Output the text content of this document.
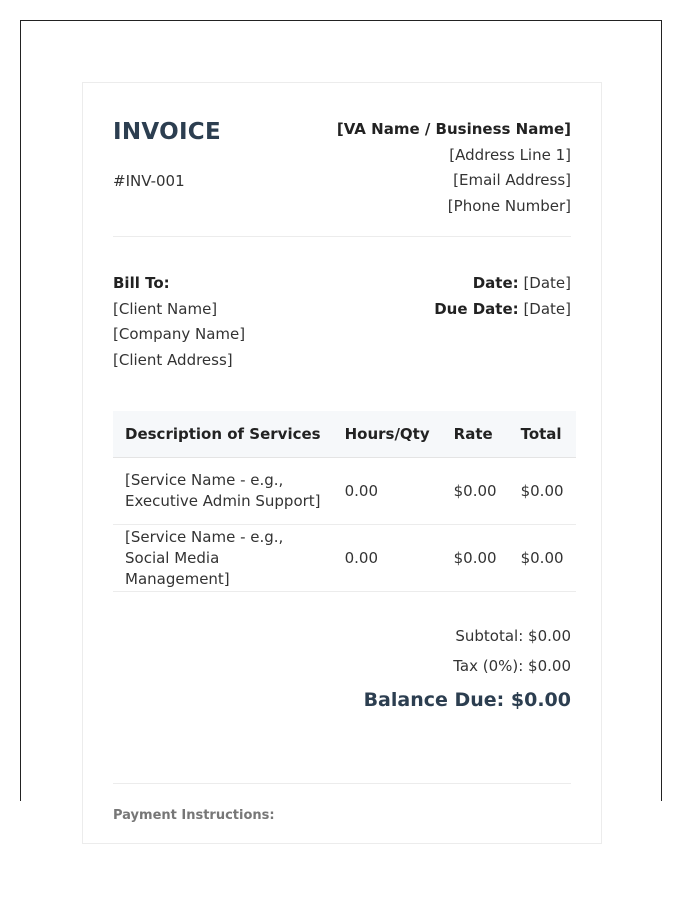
INVOICE
#INV-001
[VA Name / Business Name]
[Address Line 1]
[Email Address]
[Phone Number]
Bill To:
[Client Name]
[Company Name]
[Client Address]
Date: [Date]
Due Date: [Date]
Description of Services	Hours/Qty	Rate	Total
[Service Name - e.g., Executive Admin Support]	0.00	$0.00	$0.00
[Service Name - e.g., Social Media Management]	0.00	$0.00	$0.00
Subtotal: $0.00
Tax (0%): $0.00
Balance Due: $0.00
Payment Instructions:
